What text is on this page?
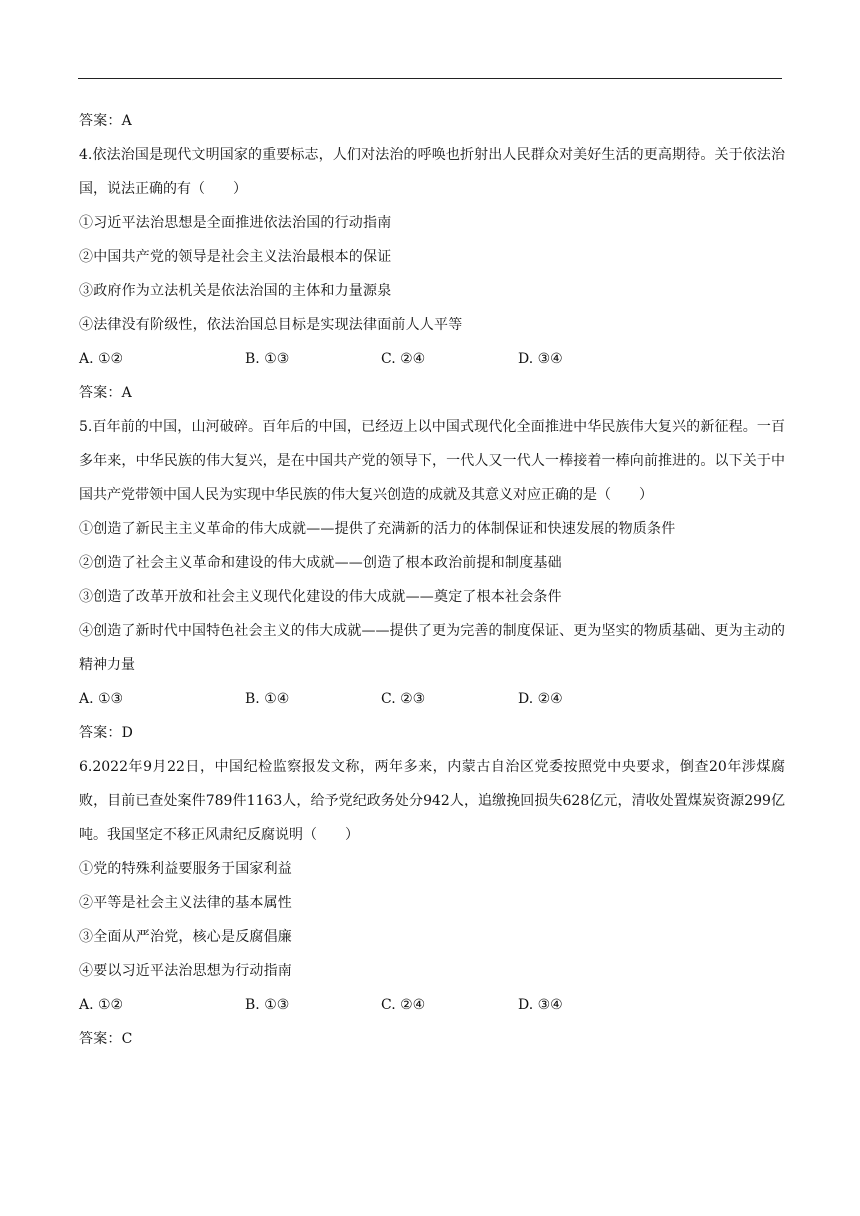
答案：A
4.依法治国是现代文明国家的重要标志，人们对法治的呼唤也折射出人民群众对美好生活的更高期待。关于依法治国，说法正确的有（　　）
①习近平法治思想是全面推进依法治国的行动指南
②中国共产党的领导是社会主义法治最根本的保证
③政府作为立法机关是依法治国的主体和力量源泉
④法律没有阶级性，依法治国总目标是实现法律面前人人平等
A. ①②	B. ①③	C. ②④	D. ③④
答案：A
5.百年前的中国，山河破碎。百年后的中国，已经迈上以中国式现代化全面推进中华民族伟大复兴的新征程。一百多年来，中华民族的伟大复兴，是在中国共产党的领导下，一代人又一代人一棒接着一棒向前推进的。以下关于中国共产党带领中国人民为实现中华民族的伟大复兴创造的成就及其意义对应正确的是（　　）
①创造了新民主主义革命的伟大成就——提供了充满新的活力的体制保证和快速发展的物质条件
②创造了社会主义革命和建设的伟大成就——创造了根本政治前提和制度基础
③创造了改革开放和社会主义现代化建设的伟大成就——奠定了根本社会条件
④创造了新时代中国特色社会主义的伟大成就——提供了更为完善的制度保证、更为坚实的物质基础、更为主动的精神力量
A. ①③	B. ①④	C. ②③	D. ②④
答案：D
6.2022年9月22日，中国纪检监察报发文称，两年多来，内蒙古自治区党委按照党中央要求，倒查20年涉煤腐败，目前已查处案件789件1163人，给予党纪政务处分942人，追缴挽回损失628亿元，清收处置煤炭资源299亿吨。我国坚定不移正风肃纪反腐说明（　　）
①党的特殊利益要服务于国家利益
②平等是社会主义法律的基本属性
③全面从严治党，核心是反腐倡廉
④要以习近平法治思想为行动指南
A. ①②	B. ①③	C. ②④	D. ③④
答案：C
